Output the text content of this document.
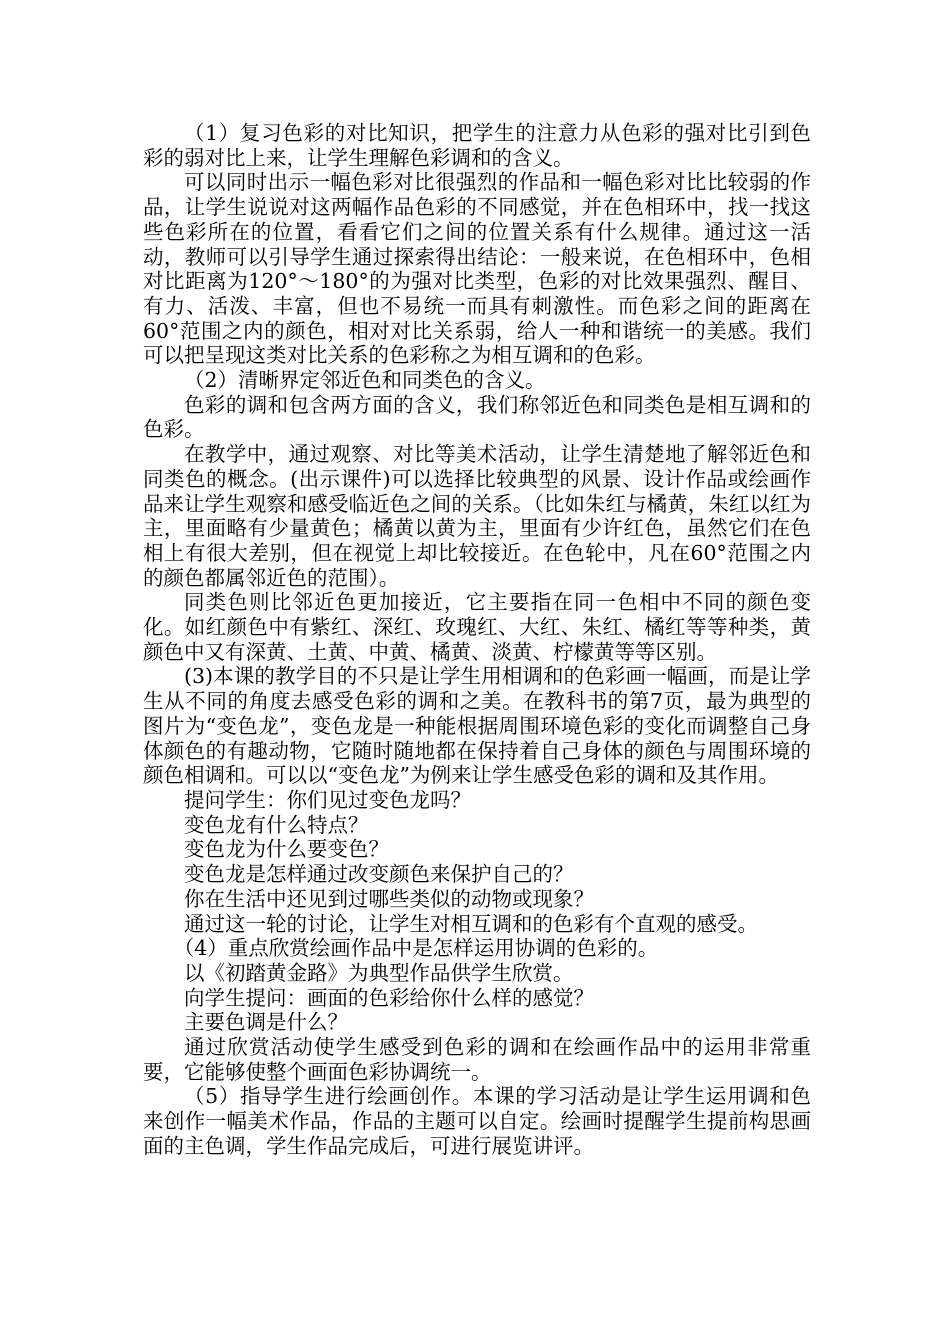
（1）复习色彩的对比知识，把学生的注意力从色彩的强对比引到色彩的弱对比上来，让学生理解色彩调和的含义。

可以同时出示一幅色彩对比很强烈的作品和一幅色彩对比比较弱的作品，让学生说说对这两幅作品色彩的不同感觉，并在色相环中，找一找这些色彩所在的位置，看看它们之间的位置关系有什么规律。通过这一活动，教师可以引导学生通过探索得出结论：一般来说，在色相环中，色相对比距离为120°～180°的为强对比类型，色彩的对比效果强烈、醒目、有力、活泼、丰富，但也不易统一而具有刺激性。而色彩之间的距离在60°范围之内的颜色，相对对比关系弱，给人一种和谐统一的美感。我们可以把呈现这类对比关系的色彩称之为相互调和的色彩。

（2）清晰界定邻近色和同类色的含义。

色彩的调和包含两方面的含义，我们称邻近色和同类色是相互调和的色彩。

在教学中，通过观察、对比等美术活动，让学生清楚地了解邻近色和同类色的概念。(出示课件)可以选择比较典型的风景、设计作品或绘画作品来让学生观察和感受临近色之间的关系。（比如朱红与橘黄，朱红以红为主，里面略有少量黄色；橘黄以黄为主，里面有少许红色，虽然它们在色相上有很大差别，但在视觉上却比较接近。在色轮中，凡在60°范围之内的颜色都属邻近色的范围）。

同类色则比邻近色更加接近，它主要指在同一色相中不同的颜色变化。如红颜色中有紫红、深红、玫瑰红、大红、朱红、橘红等等种类，黄颜色中又有深黄、土黄、中黄、橘黄、淡黄、柠檬黄等等区别。

(3)本课的教学目的不只是让学生用相调和的色彩画一幅画，而是让学生从不同的角度去感受色彩的调和之美。在教科书的第7页，最为典型的图片为“变色龙”，变色龙是一种能根据周围环境色彩的变化而调整自己身体颜色的有趣动物，它随时随地都在保持着自己身体的颜色与周围环境的颜色相调和。可以以“变色龙”为例来让学生感受色彩的调和及其作用。

提问学生：你们见过变色龙吗？

变色龙有什么特点？

变色龙为什么要变色？

变色龙是怎样通过改变颜色来保护自己的？

你在生活中还见到过哪些类似的动物或现象？

通过这一轮的讨论，让学生对相互调和的色彩有个直观的感受。

（4）重点欣赏绘画作品中是怎样运用协调的色彩的。

以《初踏黄金路》为典型作品供学生欣赏。

向学生提问：画面的色彩给你什么样的感觉？

主要色调是什么？

通过欣赏活动使学生感受到色彩的调和在绘画作品中的运用非常重要，它能够使整个画面色彩协调统一。

（5）指导学生进行绘画创作。本课的学习活动是让学生运用调和色来创作一幅美术作品，作品的主题可以自定。绘画时提醒学生提前构思画面的主色调，学生作品完成后，可进行展览讲评。
